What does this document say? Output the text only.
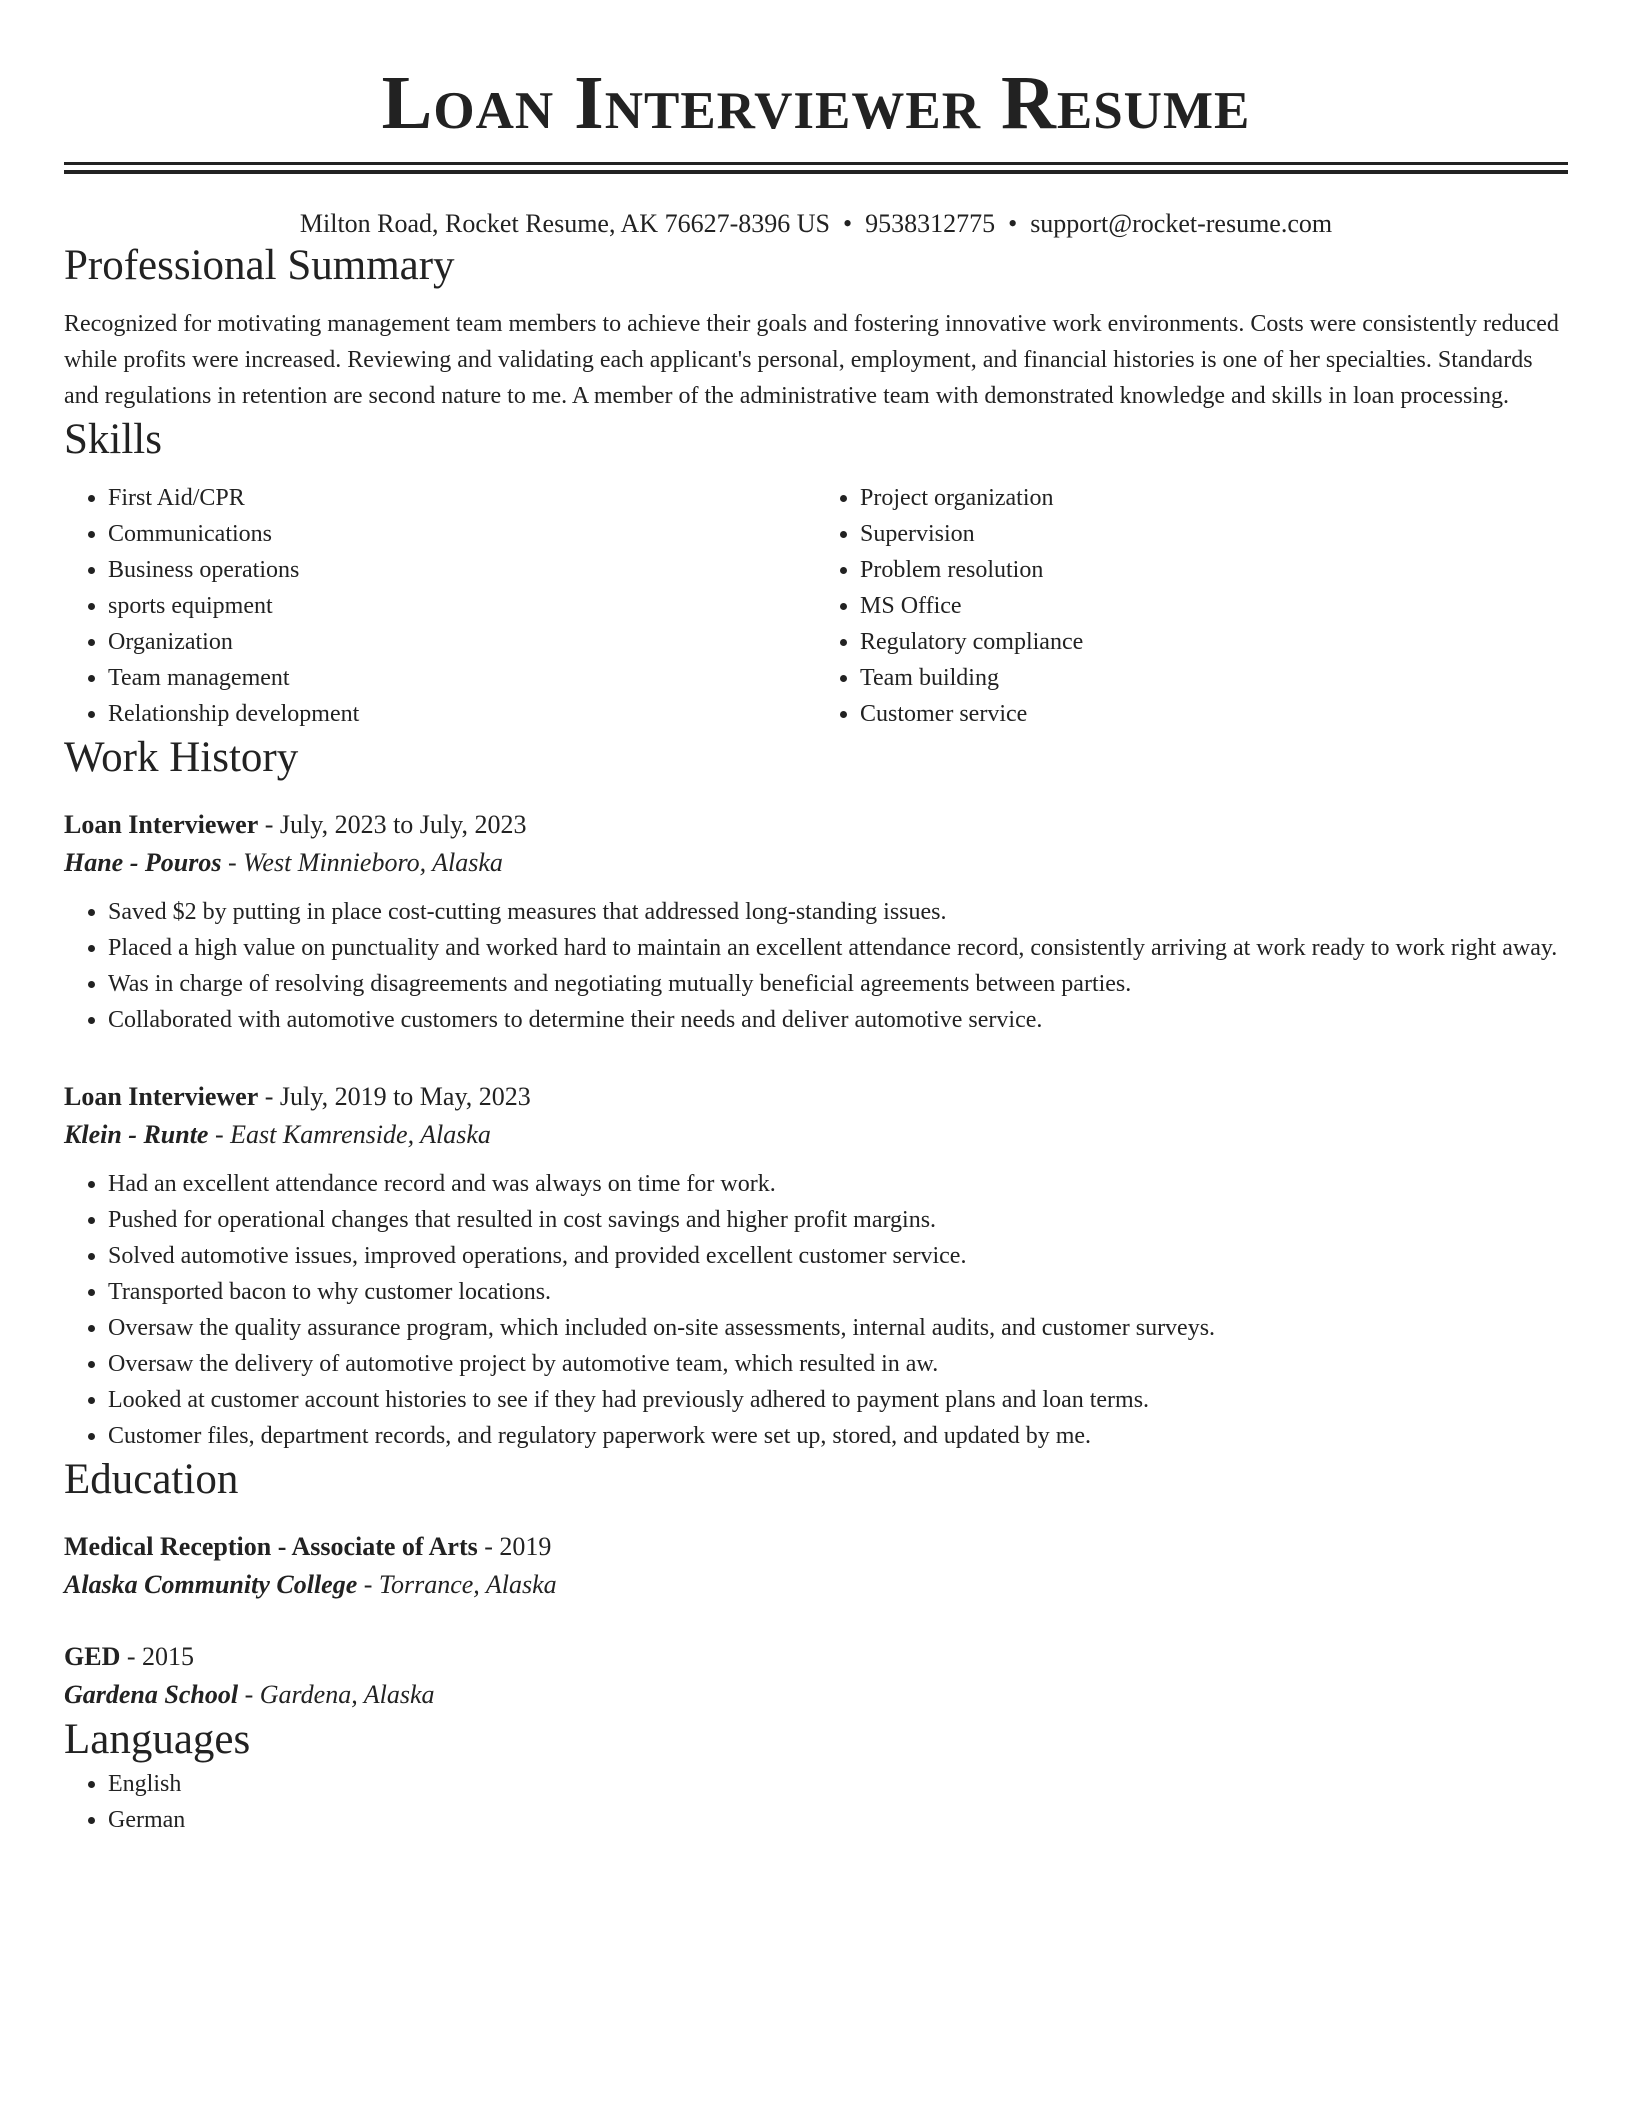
Loan Interviewer Resume
Milton Road, Rocket Resume, AK 76627-8396 US • 9538312775 • support@rocket-resume.com
Professional Summary
Recognized for motivating management team members to achieve their goals and fostering innovative work environments. Costs were consistently reduced while profits were increased. Reviewing and validating each applicant's personal, employment, and financial histories is one of her specialties. Standards and regulations in retention are second nature to me. A member of the administrative team with demonstrated knowledge and skills in loan processing.
Skills
• First Aid/CPR
• Communications
• Business operations
• sports equipment
• Organization
• Team management
• Relationship development
• Project organization
• Supervision
• Problem resolution
• MS Office
• Regulatory compliance
• Team building
• Customer service
Work History
Loan Interviewer - July, 2023 to July, 2023
Hane - Pouros - West Minnieboro, Alaska
• Saved $2 by putting in place cost-cutting measures that addressed long-standing issues.
• Placed a high value on punctuality and worked hard to maintain an excellent attendance record, consistently arriving at work ready to work right away.
• Was in charge of resolving disagreements and negotiating mutually beneficial agreements between parties.
• Collaborated with automotive customers to determine their needs and deliver automotive service.
Loan Interviewer - July, 2019 to May, 2023
Klein - Runte - East Kamrenside, Alaska
• Had an excellent attendance record and was always on time for work.
• Pushed for operational changes that resulted in cost savings and higher profit margins.
• Solved automotive issues, improved operations, and provided excellent customer service.
• Transported bacon to why customer locations.
• Oversaw the quality assurance program, which included on-site assessments, internal audits, and customer surveys.
• Oversaw the delivery of automotive project by automotive team, which resulted in aw.
• Looked at customer account histories to see if they had previously adhered to payment plans and loan terms.
• Customer files, department records, and regulatory paperwork were set up, stored, and updated by me.
Education
Medical Reception - Associate of Arts - 2019
Alaska Community College - Torrance, Alaska
GED - 2015
Gardena School - Gardena, Alaska
Languages
• English
• German
